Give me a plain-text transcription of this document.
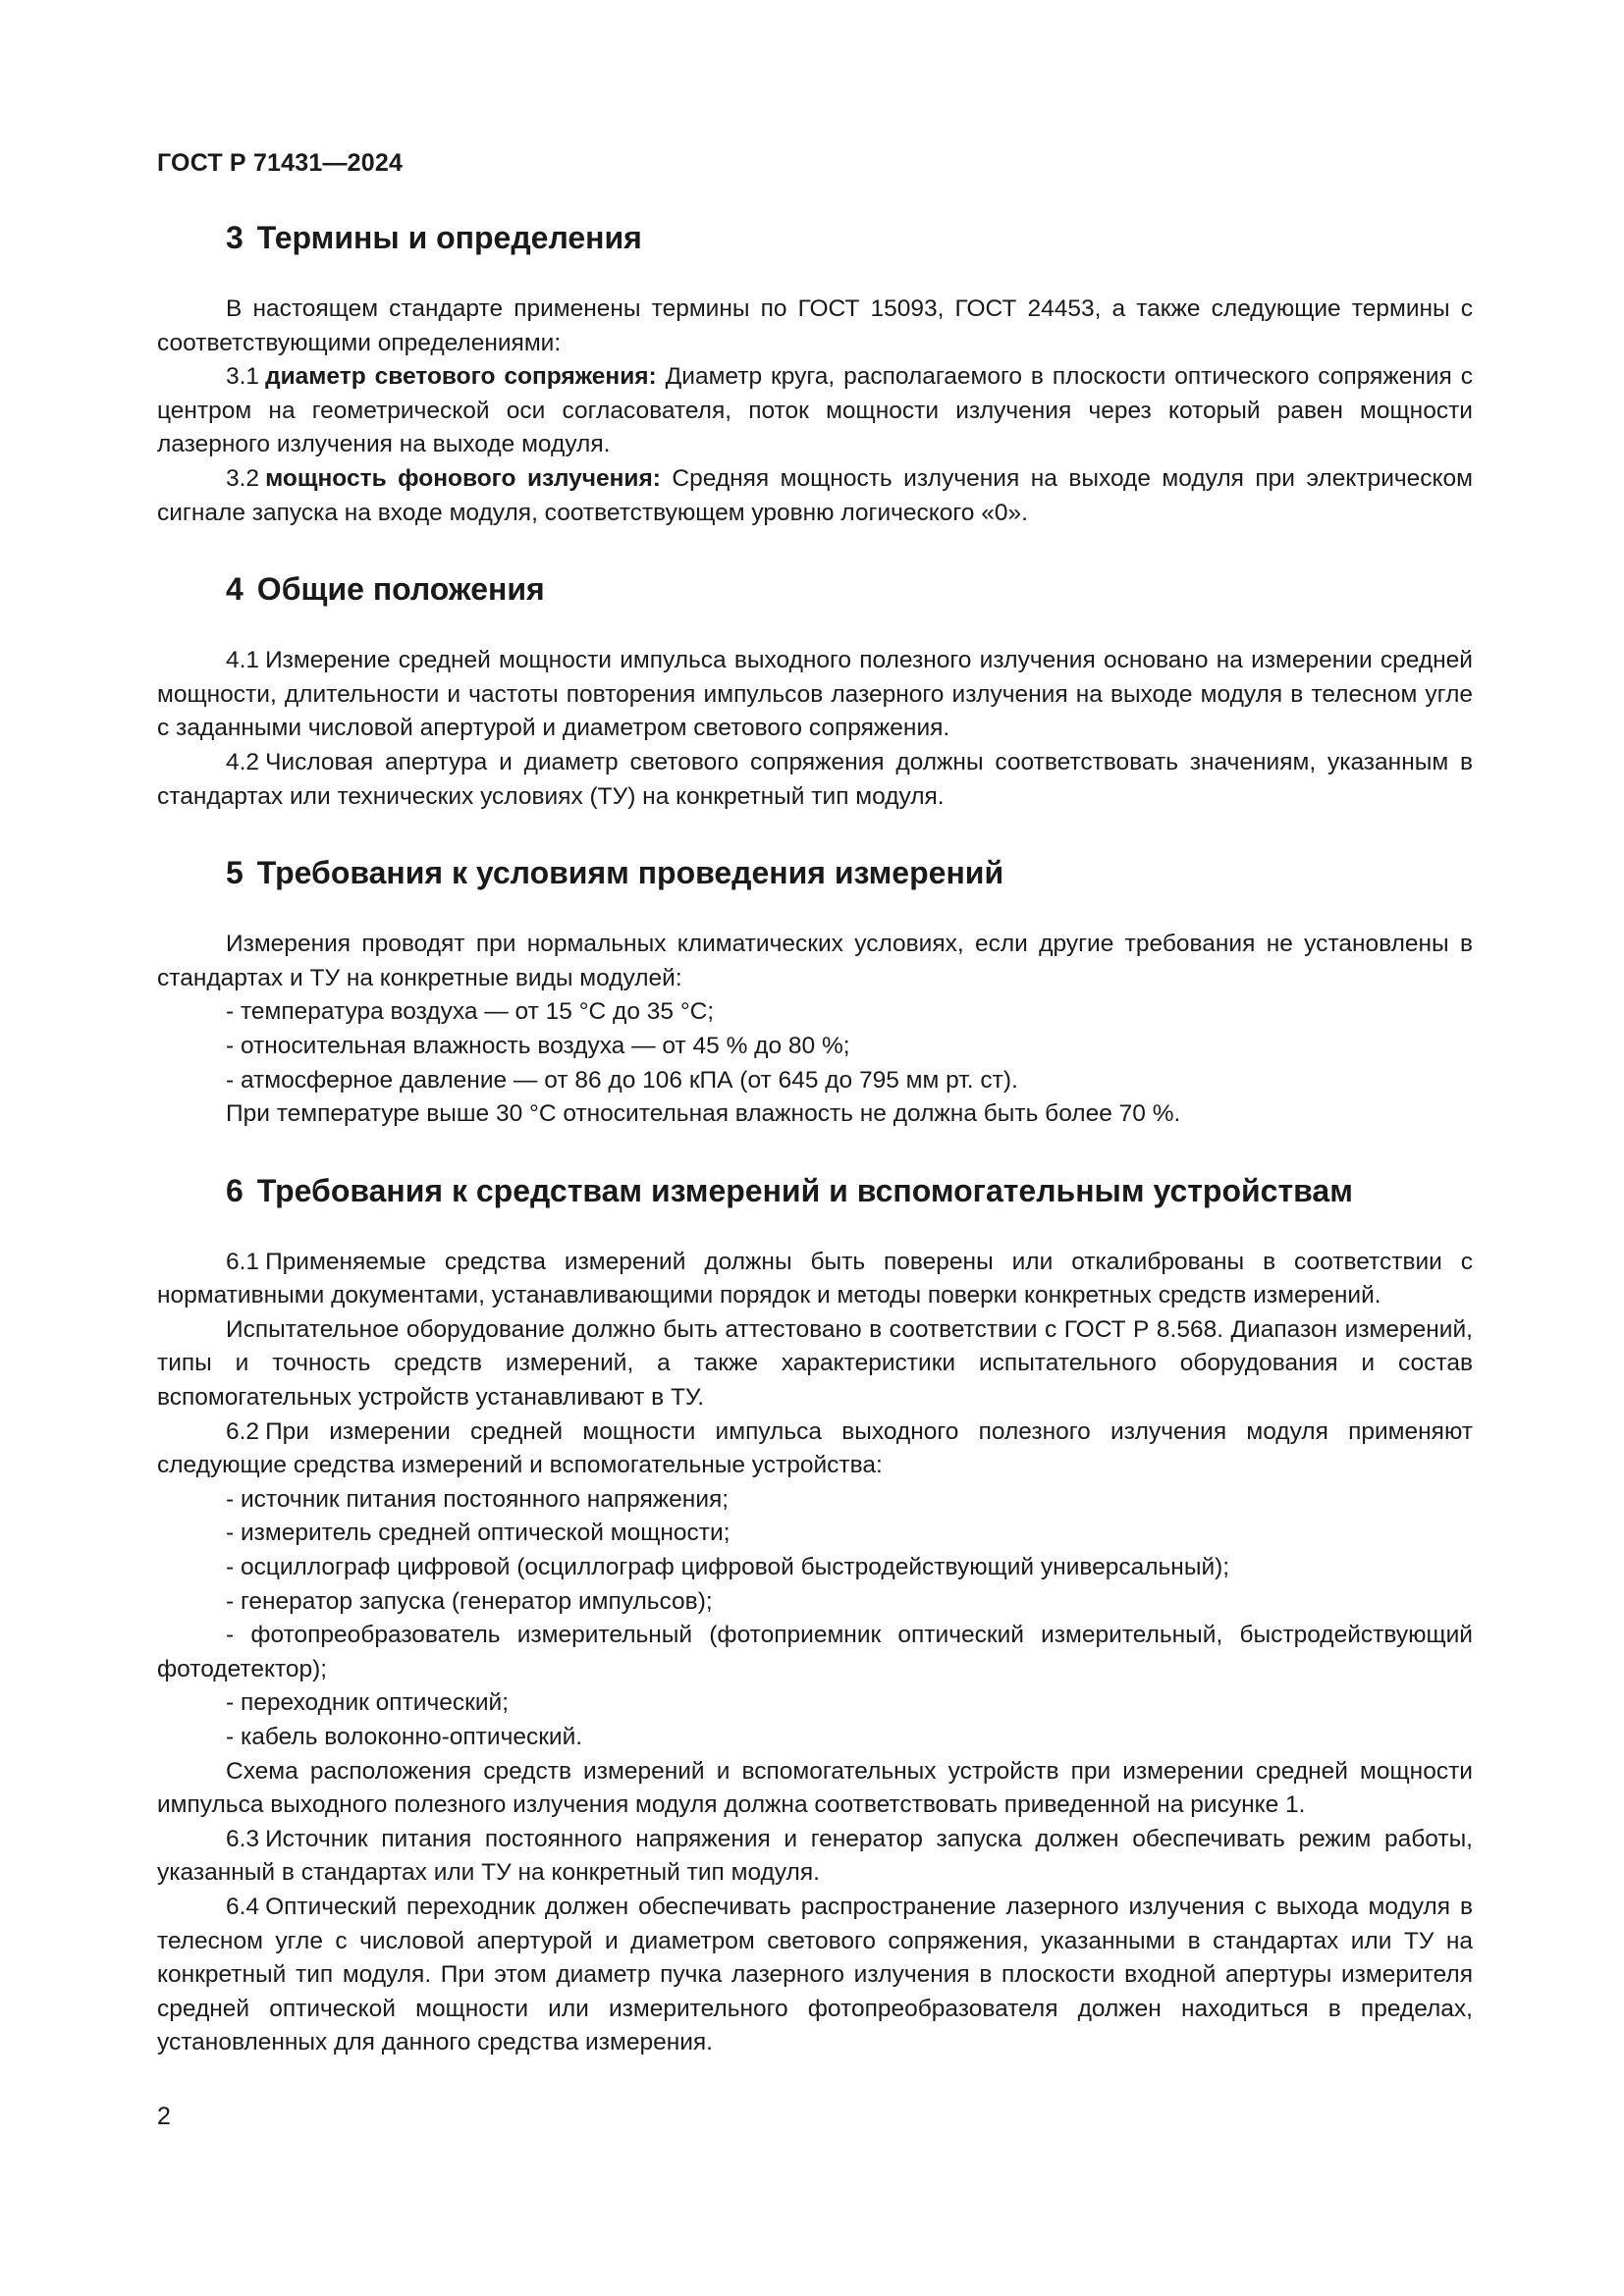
ГОСТ Р 71431—2024
3 Термины и определения

В настоящем стандарте применены термины по ГОСТ 15093, ГОСТ 24453, а также следующие термины с соответствующими определениями:

3.1 диаметр светового сопряжения: Диаметр круга, располагаемого в плоскости оптического сопряжения с центром на геометрической оси согласователя, поток мощности излучения через который равен мощности лазерного излучения на выходе модуля.

3.2 мощность фонового излучения: Средняя мощность излучения на выходе модуля при электрическом сигнале запуска на входе модуля, соответствующем уровню логического «0».

4 Общие положения

4.1 Измерение средней мощности импульса выходного полезного излучения основано на измерении средней мощности, длительности и частоты повторения импульсов лазерного излучения на выходе модуля в телесном угле с заданными числовой апертурой и диаметром светового сопряжения.

4.2 Числовая апертура и диаметр светового сопряжения должны соответствовать значениям, указанным в стандартах или технических условиях (ТУ) на конкретный тип модуля.

5 Требования к условиям проведения измерений

Измерения проводят при нормальных климатических условиях, если другие требования не установлены в стандартах и ТУ на конкретные виды модулей:

- температура воздуха — от 15 °С до 35 °С;

- относительная влажность воздуха — от 45 % до 80 %;

- атмосферное давление — от 86 до 106 кПА (от 645 до 795 мм рт. ст).

При температуре выше 30 °С относительная влажность не должна быть более 70 %.

6 Требования к средствам измерений и вспомогательным устройствам

6.1 Применяемые средства измерений должны быть поверены или откалиброваны в соответствии с нормативными документами, устанавливающими порядок и методы поверки конкретных средств измерений.

Испытательное оборудование должно быть аттестовано в соответствии с ГОСТ Р 8.568. Диапазон измерений, типы и точность средств измерений, а также характеристики испытательного оборудования и состав вспомогательных устройств устанавливают в ТУ.

6.2 При измерении средней мощности импульса выходного полезного излучения модуля применяют следующие средства измерений и вспомогательные устройства:

- источник питания постоянного напряжения;

- измеритель средней оптической мощности;

- осциллограф цифровой (осциллограф цифровой быстродействующий универсальный);

- генератор запуска (генератор импульсов);

- фотопреобразователь измерительный (фотоприемник оптический измерительный, быстродействующий фотодетектор);

- переходник оптический;

- кабель волоконно-оптический.

Схема расположения средств измерений и вспомогательных устройств при измерении средней мощности импульса выходного полезного излучения модуля должна соответствовать приведенной на рисунке 1.

6.3 Источник питания постоянного напряжения и генератор запуска должен обеспечивать режим работы, указанный в стандартах или ТУ на конкретный тип модуля.

6.4 Оптический переходник должен обеспечивать распространение лазерного излучения с выхода модуля в телесном угле с числовой апертурой и диаметром светового сопряжения, указанными в стандартах или ТУ на конкретный тип модуля. При этом диаметр пучка лазерного излучения в плоскости входной апертуры измерителя средней оптической мощности или измерительного фотопреобразователя должен находиться в пределах, установленных для данного средства измерения.

2
